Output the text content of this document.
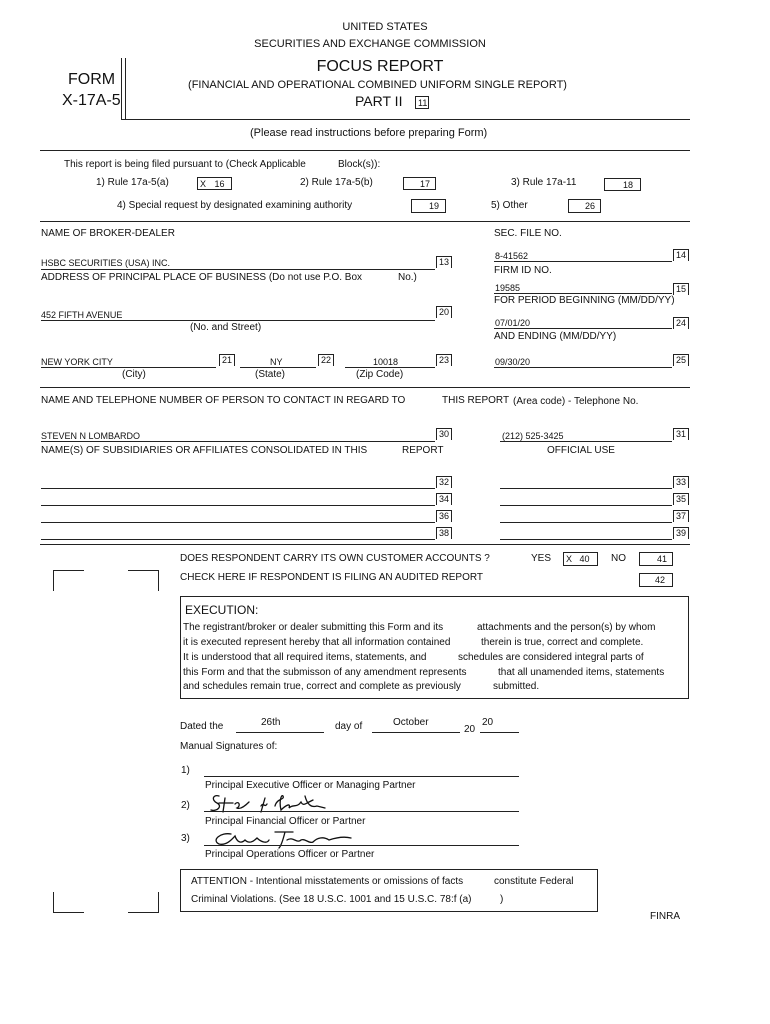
UNITED STATES
SECURITIES AND EXCHANGE COMMISSION
FOCUS REPORT
(FINANCIAL AND OPERATIONAL COMBINED UNIFORM SINGLE REPORT)
PART II	11
FORM
X-17A-5
(Please read instructions before preparing Form)
This report is being filed pursuant to (Check Applicable	Block(s)):
1) Rule 17a-5(a)	X 16	2) Rule 17a-5(b)	17	3) Rule 17a-11	18
4) Special request by designated examining authority	19	5) Other	26
NAME OF BROKER-DEALER	SEC. FILE NO.
HSBC SECURITIES (USA) INC.	13
8-41562	14
FIRM ID NO.
ADDRESS OF PRINCIPAL PLACE OF BUSINESS (Do not use P.O. Box	No.)
19585	15
FOR PERIOD BEGINNING (MM/DD/YY)
452 FIFTH AVENUE	20
(No. and Street)	07/01/20	24
AND ENDING (MM/DD/YY)
NEW YORK CITY	21
(City)
NY	22
(State)
10018	23
(Zip Code)
09/30/20	25
NAME AND TELEPHONE NUMBER OF PERSON TO CONTACT IN REGARD TO	THIS REPORT (Area code) - Telephone No.
STEVEN N LOMBARDO	30	(212) 525-3425	31
NAME(S) OF SUBSIDIARIES OR AFFILIATES CONSOLIDATED IN THIS	REPORT	OFFICIAL USE
32	33
34	35
36	37
38	39
DOES RESPONDENT CARRY ITS OWN CUSTOMER ACCOUNTS ?	YES	X 40	NO	41
CHECK HERE IF RESPONDENT IS FILING AN AUDITED REPORT	42
EXECUTION:
The registrant/broker or dealer submitting this Form and its	attachments and the person(s) by whom
it is executed represent hereby that all information contained	therein is true, correct and complete.
It is understood that all required items, statements, and	schedules are considered integral parts of
this Form and that the submisson of any amendment represents	that all unamended items, statements
and schedules remain true, correct and complete as previously	submitted.
Dated the	26th	day of	October
20
20
Manual Signatures of:
1)
Principal Executive Officer or Managing Partner
2)
Principal Financial Officer or Partner
3)
Principal Operations Officer or Partner
ATTENTION - Intentional misstatements or omissions of facts	constitute Federal
Criminal Violations. (See 18 U.S.C. 1001 and 15 U.S.C. 78:f (a)	)
FINRA
